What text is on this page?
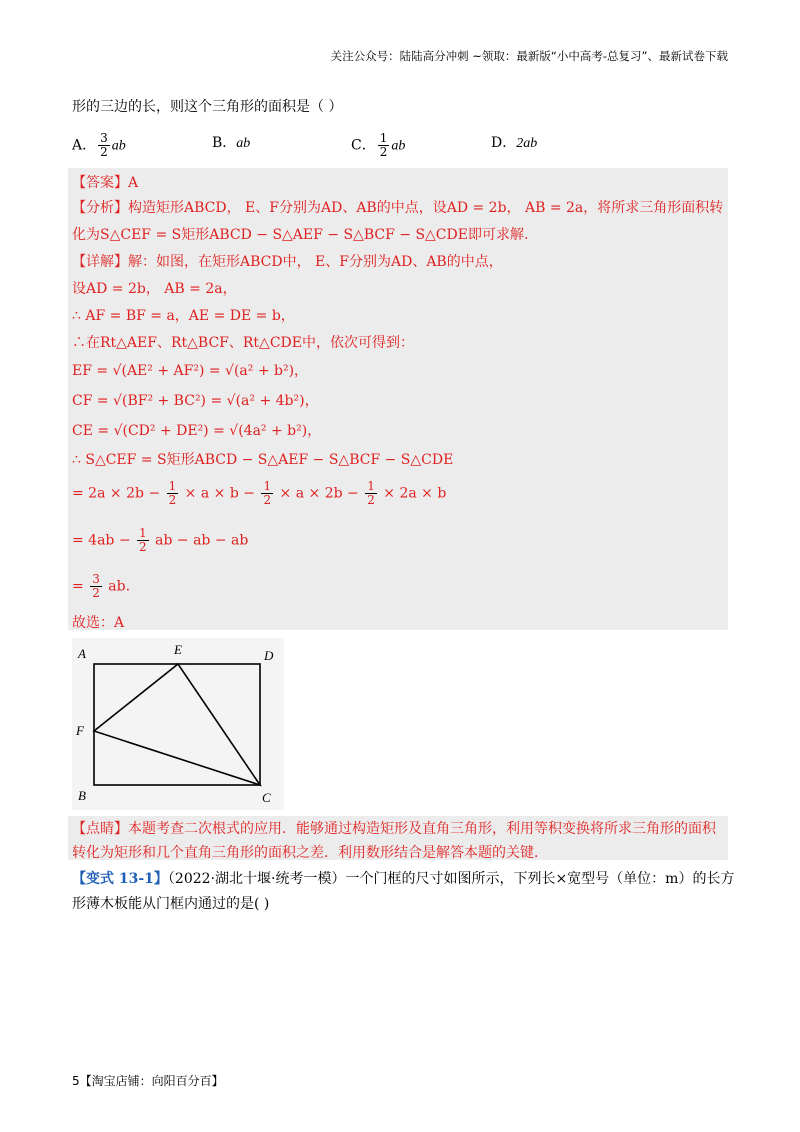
关注公众号：陆陆高分冲刺 ~领取：最新版“小中高考-总复习”、最新试卷下载
形的三边的长，则这个三角形的面积是（ ）
A． $\frac{3}{2}$ ab	B．ab	C． $\frac{1}{2}$ ab	D．2ab
【答案】A
【分析】构造矩形ABCD， E、F分别为AD、AB的中点，设AD = 2b， AB = 2a，将所求三角形面积转
化为S△CEF = S矩形ABCD − S△AEF − S△BCF − S△CDE即可求解.
【详解】解：如图，在矩形ABCD中， E、F分别为AD、AB的中点，
设AD = 2b， AB = 2a，
∴ AF = BF = a，AE = DE = b，
∴在Rt△AEF、Rt△BCF、Rt△CDE中，依次可得到：
EF = √(AE² + AF²) = √(a² + b²)，
CF = √(BF² + BC²) = √(a² + 4b²)，
CE = √(CD² + DE²) = √(4a² + b²)，
∴ S△CEF = S矩形ABCD − S△AEF − S△BCF − S△CDE
= $2a \times 2b - \frac{1}{2} \times a \times b - \frac{1}{2} \times a \times 2b - \frac{1}{2} \times 2a \times b$
= $4ab - \frac{1}{2}$ ab − ab − ab
= $\frac{3}{2}$ ab.
故选：A
A	E	D
F
B	C
【点睛】本题考查二次根式的应用．能够通过构造矩形及直角三角形，利用等积变换将所求三角形的面积
转化为矩形和几个直角三角形的面积之差．利用数形结合是解答本题的关键.
【变式 13-1】（2022·湖北十堰·统考一模）一个门框的尺寸如图所示，下列长×宽型号（单位：m）的长方
形薄木板能从门框内通过的是( )
5【淘宝店铺：向阳百分百】
